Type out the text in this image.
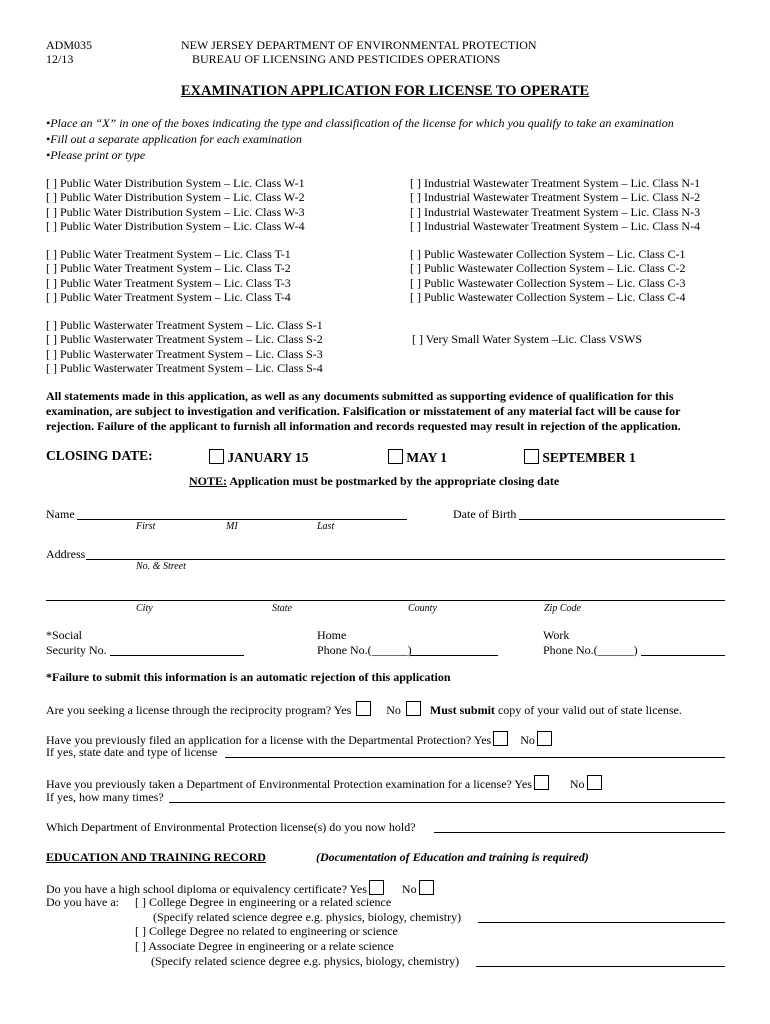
ADM035
12/13
NEW JERSEY DEPARTMENT OF ENVIRONMENTAL PROTECTION
BUREAU OF LICENSING AND PESTICIDES OPERATIONS
EXAMINATION APPLICATION FOR LICENSE TO OPERATE
•Place an “X” in one of the boxes indicating the type and classification of the license for which you qualify to take an examination
•Fill out a separate application for each examination
•Please print or type
[ ] Public Water Distribution System – Lic. Class W-1
[ ] Public Water Distribution System – Lic. Class W-2
[ ] Public Water Distribution System – Lic. Class W-3
[ ] Public Water Distribution System – Lic. Class W-4
[ ] Public Water Treatment System – Lic. Class T-1
[ ] Public Water Treatment System – Lic. Class T-2
[ ] Public Water Treatment System – Lic. Class T-3
[ ] Public Water Treatment System – Lic. Class T-4
[ ] Public Wasterwater Treatment System – Lic. Class S-1
[ ] Public Wasterwater Treatment System – Lic. Class S-2
[ ] Public Wasterwater Treatment System – Lic. Class S-3
[ ] Public Wasterwater Treatment System – Lic. Class S-4
[ ] Industrial Wastewater Treatment System – Lic. Class N-1
[ ] Industrial Wastewater Treatment System – Lic. Class N-2
[ ] Industrial Wastewater Treatment System – Lic. Class N-3
[ ] Industrial Wastewater Treatment System – Lic. Class N-4
[ ] Public Wastewater Collection System – Lic. Class C-1
[ ] Public Wastewater Collection System – Lic. Class C-2
[ ] Public Wastewater Collection System – Lic. Class C-3
[ ] Public Wastewater Collection System – Lic. Class C-4
[ ] Very Small Water System –Lic. Class VSWS
All statements made in this application, as well as any documents submitted as supporting evidence of qualification for this examination, are subject to investigation and verification. Falsification or misstatement of any material fact will be cause for rejection. Failure of the applicant to furnish all information and records requested may result in rejection of the application.
CLOSING DATE:	JANUARY 15	MAY 1	SEPTEMBER 1
NOTE: Application must be postmarked by the appropriate closing date
Name	Date of Birth
First	MI	Last
Address
No. & Street
City	State	County	Zip Code
*Social
Security No.
Home
Phone No.(______)
Work
Phone No.(______)
*Failure to submit this information is an automatic rejection of this application
Are you seeking a license through the reciprocity program? Yes	No Must submit copy of your valid out of state license.
Have you previously filed an application for a license with the Departmental Protection? Yes No
If yes, state date and type of license
Have you previously taken a Department of Environmental Protection examination for a license? Yes	No
If yes, how many times?
Which Department of Environmental Protection license(s) do you now hold?
EDUCATION AND TRAINING RECORD	(Documentation of Education and training is required)
Do you have a high school diploma or equivalency certificate? Yes	No
Do you have a: [ ] College Degree in engineering or a related science
(Specify related science degree e.g. physics, biology, chemistry)
[ ] College Degree no related to engineering or science
[ ] Associate Degree in engineering or a relate science
(Specify related science degree e.g. physics, biology, chemistry)
